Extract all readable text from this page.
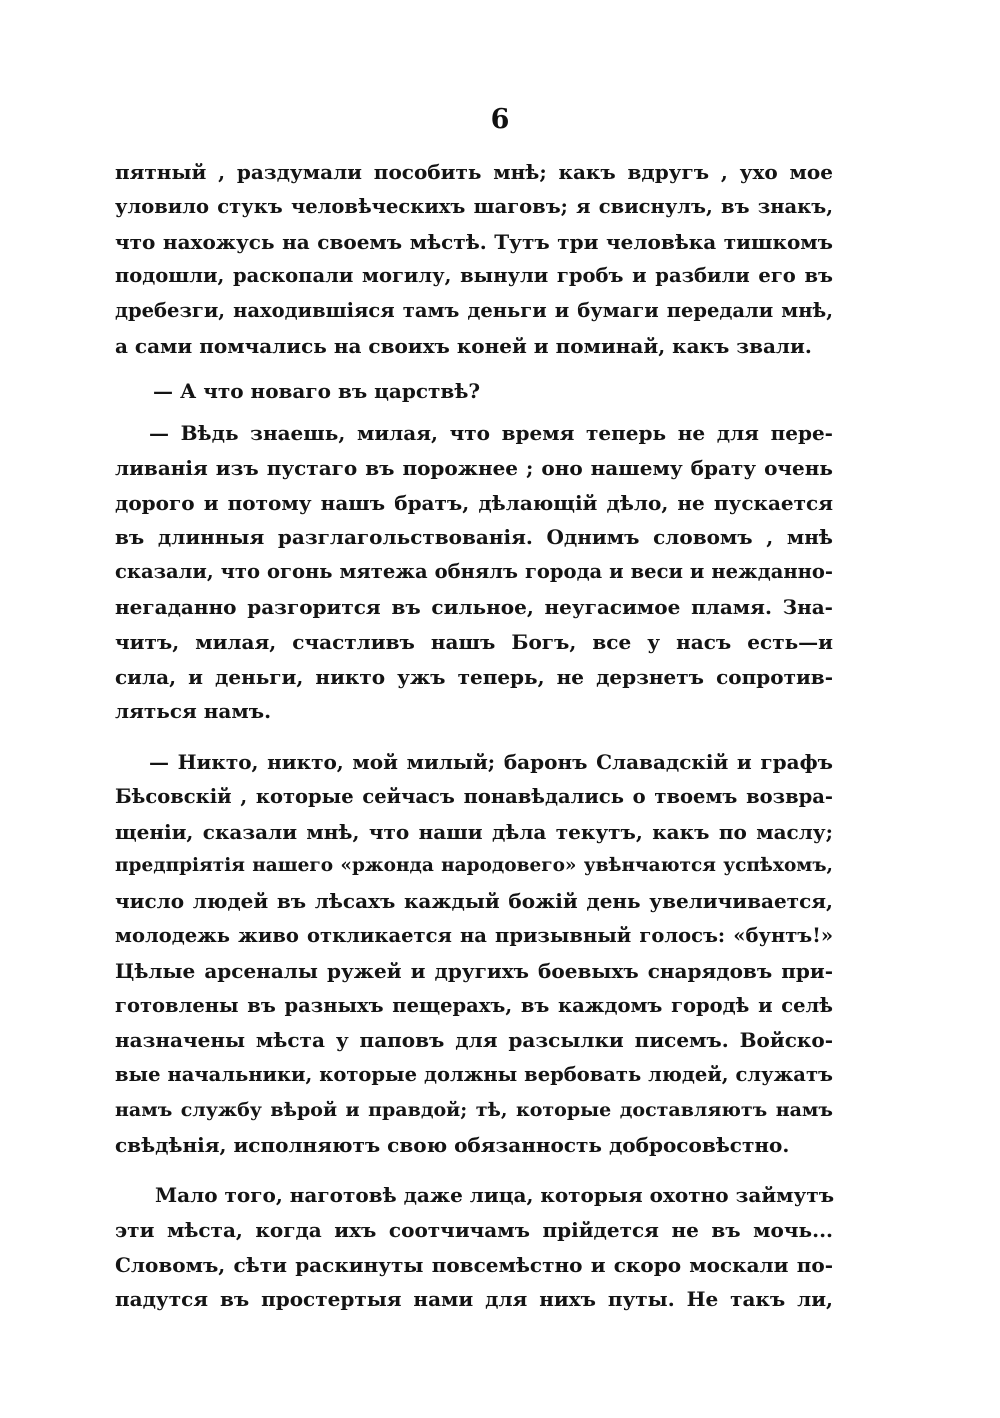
6
пятный , раздумали пособить мнѣ; какъ вдругъ , ухо мое
уловило стукъ человѣческихъ шаговъ; я свиснулъ, въ знакъ,
что нахожусь на своемъ мѣстѣ. Тутъ три человѣка тишкомъ
подошли, раскопали могилу, вынули гробъ и разбили его въ
дребезги, находившіяся тамъ деньги и бумаги передали мнѣ,
а сами помчались на своихъ коней и поминай, какъ звали.
— А что новаго въ царствѣ?
— Вѣдь знаешь, милая, что время теперь не для пере-
ливанія изъ пустаго въ порожнее ; оно нашему брату очень
дорого и потому нашъ братъ, дѣлающій дѣло, не пускается
въ длинныя разглагольствованія. Однимъ словомъ , мнѣ
сказали, что огонь мятежа обнялъ города и веси и нежданно-
негаданно разгорится въ сильное, неугасимое пламя. Зна-
читъ, милая, счастливъ нашъ Богъ, все у насъ есть—и
сила, и деньги, никто ужъ теперь, не дерзнетъ сопротив-
ляться намъ.
— Никто, никто, мой милый; баронъ Славадскій и графъ
Бѣсовскій , которые сейчасъ понавѣдались о твоемъ возвра-
щеніи, сказали мнѣ, что наши дѣла текутъ, какъ по маслу;
предпріятія нашего «ржонда народовего» увѣнчаются успѣхомъ,
число людей въ лѣсахъ каждый божій день увеличивается,
молодежь живо откликается на призывный голосъ: «бунтъ!»
Цѣлые арсеналы ружей и другихъ боевыхъ снарядовъ при-
готовлены въ разныхъ пещерахъ, въ каждомъ городѣ и селѣ
назначены мѣста у паповъ для разсылки писемъ. Войско-
вые начальники, которые должны вербовать людей, служатъ
намъ службу вѣрой и правдой; тѣ, которые доставляютъ намъ
свѣдѣнія, исполняютъ свою обязанность добросовѣстно.
Мало того, наготовѣ даже лица, которыя охотно займутъ
эти мѣста, когда ихъ соотчичамъ прійдется не въ мочь...
Словомъ, сѣти раскинуты повсемѣстно и скоро москали по-
падутся въ простертыя нами для нихъ путы. Не такъ ли,
